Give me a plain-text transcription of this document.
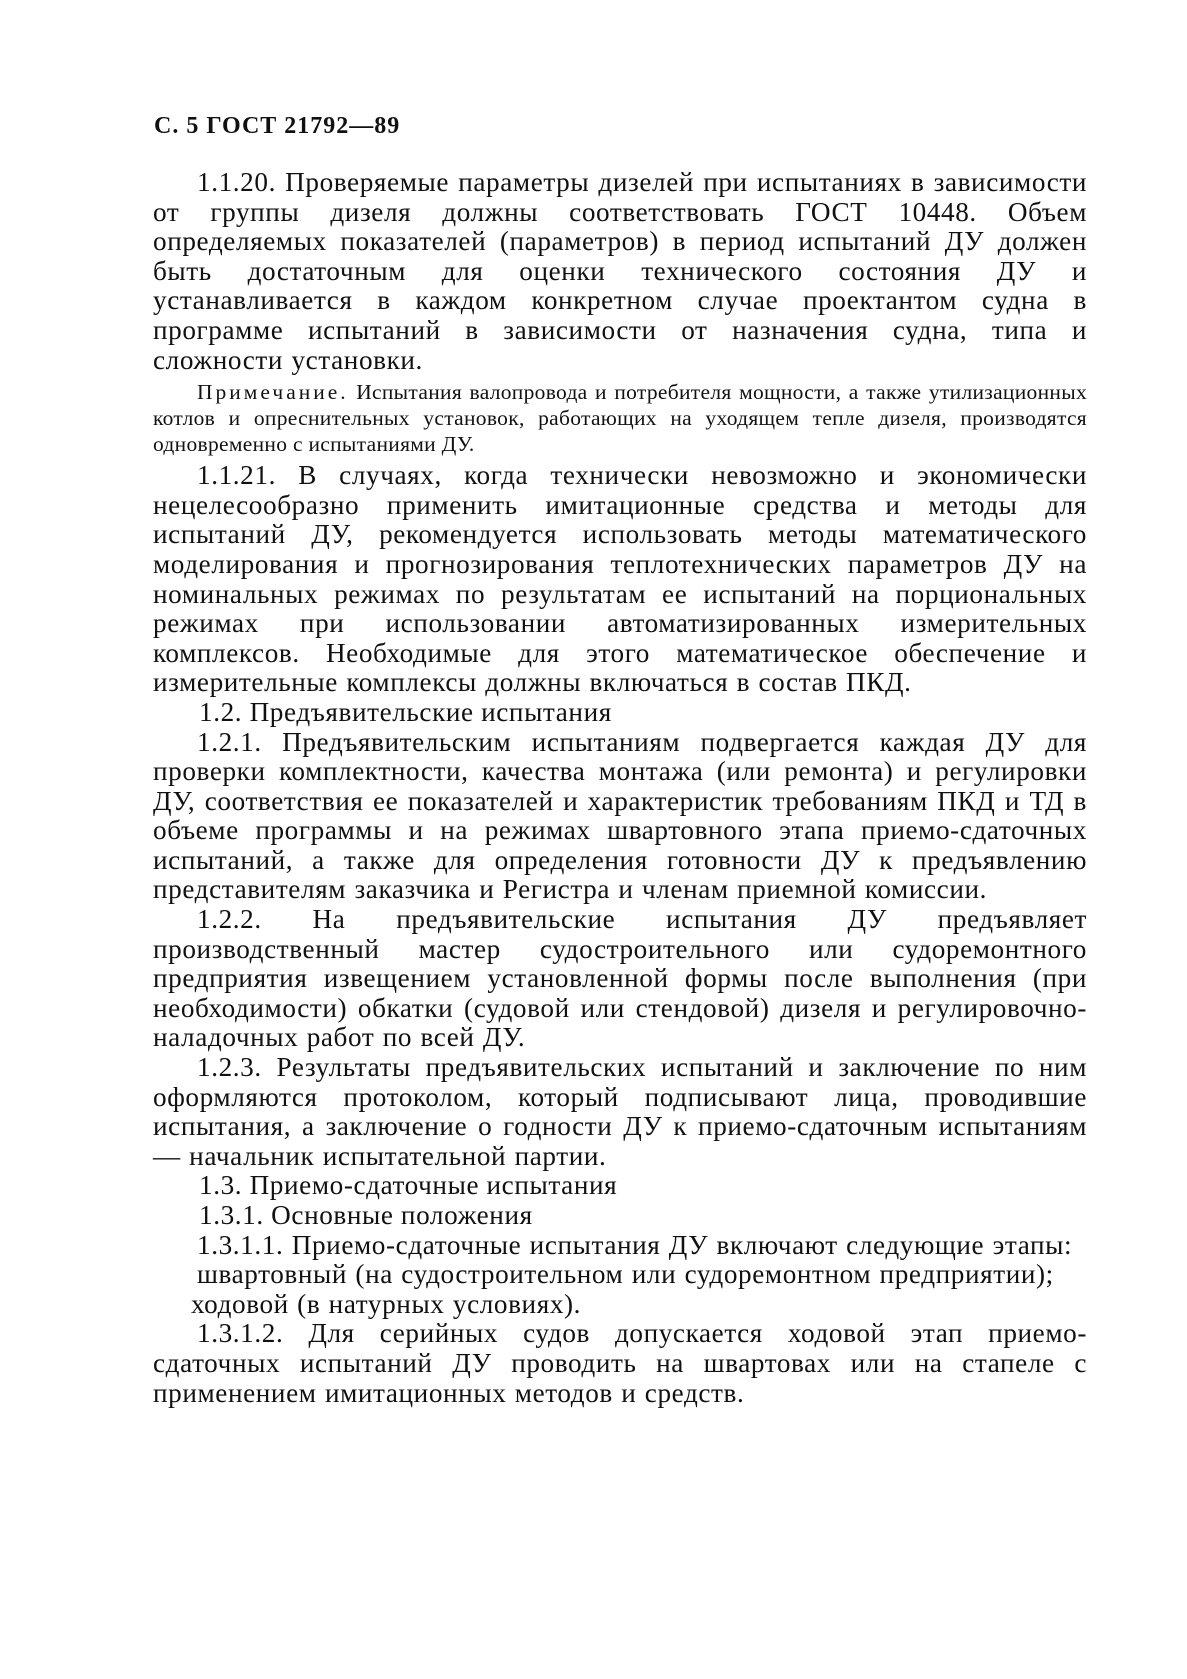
С. 5 ГОСТ 21792—89

1.1.20. Проверяемые параметры дизелей при испытаниях в зависимости от группы дизеля должны соответствовать ГОСТ 10448. Объем определяемых показателей (параметров) в период испытаний ДУ должен быть достаточным для оценки технического состояния ДУ и устанавливается в каждом конкретном случае проектантом судна в программе испытаний в зависимости от назначения судна, типа и сложности установки.

Примечание. Испытания валопровода и потребителя мощности, а также утилизационных котлов и опреснительных установок, работающих на уходящем тепле дизеля, производятся одновременно с испытаниями ДУ.

1.1.21. В случаях, когда технически невозможно и экономически нецелесообразно применить имитационные средства и методы для испытаний ДУ, рекомендуется использовать методы математического моделирования и прогнозирования теплотехнических параметров ДУ на номинальных режимах по результатам ее испытаний на порциональных режимах при использовании автоматизированных измерительных комплексов. Необходимые для этого математическое обеспечение и измерительные комплексы должны включаться в состав ПКД.

1.2. Предъявительские испытания

1.2.1. Предъявительским испытаниям подвергается каждая ДУ для проверки комплектности, качества монтажа (или ремонта) и регулировки ДУ, соответствия ее показателей и характеристик требованиям ПКД и ТД в объеме программы и на режимах швартовного этапа приемо-сдаточных испытаний, а также для определения готовности ДУ к предъявлению представителям заказчика и Регистра и членам приемной комиссии.

1.2.2. На предъявительские испытания ДУ предъявляет производственный мастер судостроительного или судоремонтного предприятия извещением установленной формы после выполнения (при необходимости) обкатки (судовой или стендовой) дизеля и регулировочно-наладочных работ по всей ДУ.

1.2.3. Результаты предъявительских испытаний и заключение по ним оформляются протоколом, который подписывают лица, проводившие испытания, а заключение о годности ДУ к приемо-сдаточным испытаниям — начальник испытательной партии.

1.3. Приемо-сдаточные испытания

1.3.1. Основные положения

1.3.1.1. Приемо-сдаточные испытания ДУ включают следующие этапы:

швартовный (на судостроительном или судоремонтном предприятии);

ходовой (в натурных условиях).

1.3.1.2. Для серийных судов допускается ходовой этап приемо-сдаточных испытаний ДУ проводить на швартовах или на стапеле с применением имитационных методов и средств.
